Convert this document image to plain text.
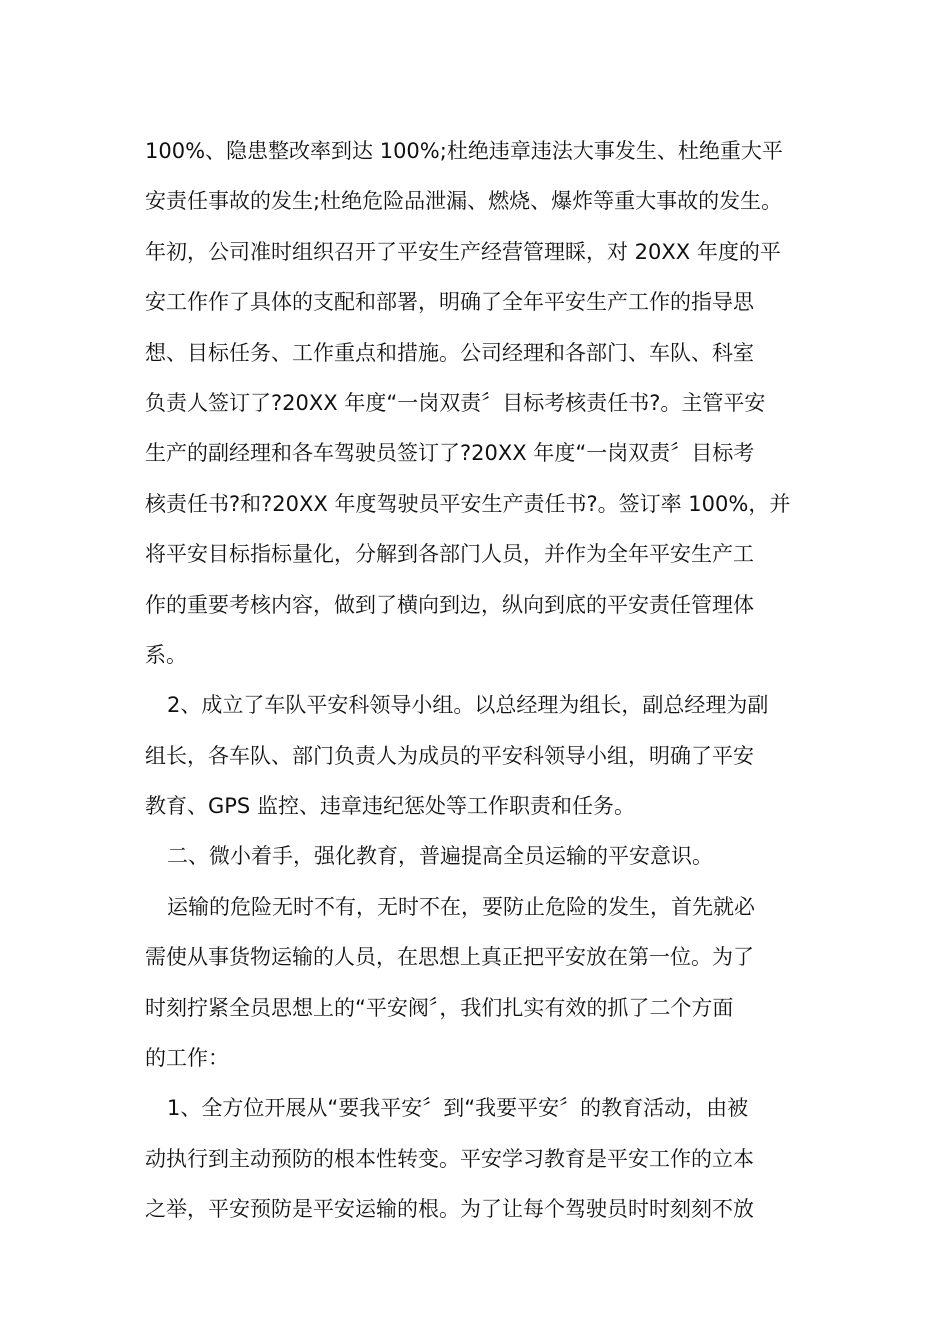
100%、隐患整改率到达 100%;杜绝违章违法大事发生、杜绝重大平
安责任事故的发生;杜绝危险品泄漏、燃烧、爆炸等重大事故的发生。
年初，公司准时组织召开了平安生产经营管理睬，对 20XX 年度的平
安工作作了具体的支配和部署，明确了全年平安生产工作的指导思
想、目标任务、工作重点和措施。公司经理和各部门、车队、科室
负责人签订了?20XX 年度“一岗双责〞目标考核责任书?。主管平安
生产的副经理和各车驾驶员签订了?20XX 年度“一岗双责〞目标考
核责任书?和?20XX 年度驾驶员平安生产责任书?。签订率 100%，并
将平安目标指标量化，分解到各部门人员，并作为全年平安生产工
作的重要考核内容，做到了横向到边，纵向到底的平安责任管理体
系。
2、成立了车队平安科领导小组。以总经理为组长，副总经理为副
组长，各车队、部门负责人为成员的平安科领导小组，明确了平安
教育、GPS 监控、违章违纪惩处等工作职责和任务。
二、微小着手，强化教育，普遍提高全员运输的平安意识。
运输的危险无时不有，无时不在，要防止危险的发生，首先就必
需使从事货物运输的人员，在思想上真正把平安放在第一位。为了
时刻拧紧全员思想上的“平安阀〞，我们扎实有效的抓了二个方面
的工作：
1、全方位开展从“要我平安〞到“我要平安〞的教育活动，由被
动执行到主动预防的根本性转变。平安学习教育是平安工作的立本
之举，平安预防是平安运输的根。为了让每个驾驶员时时刻刻不放
